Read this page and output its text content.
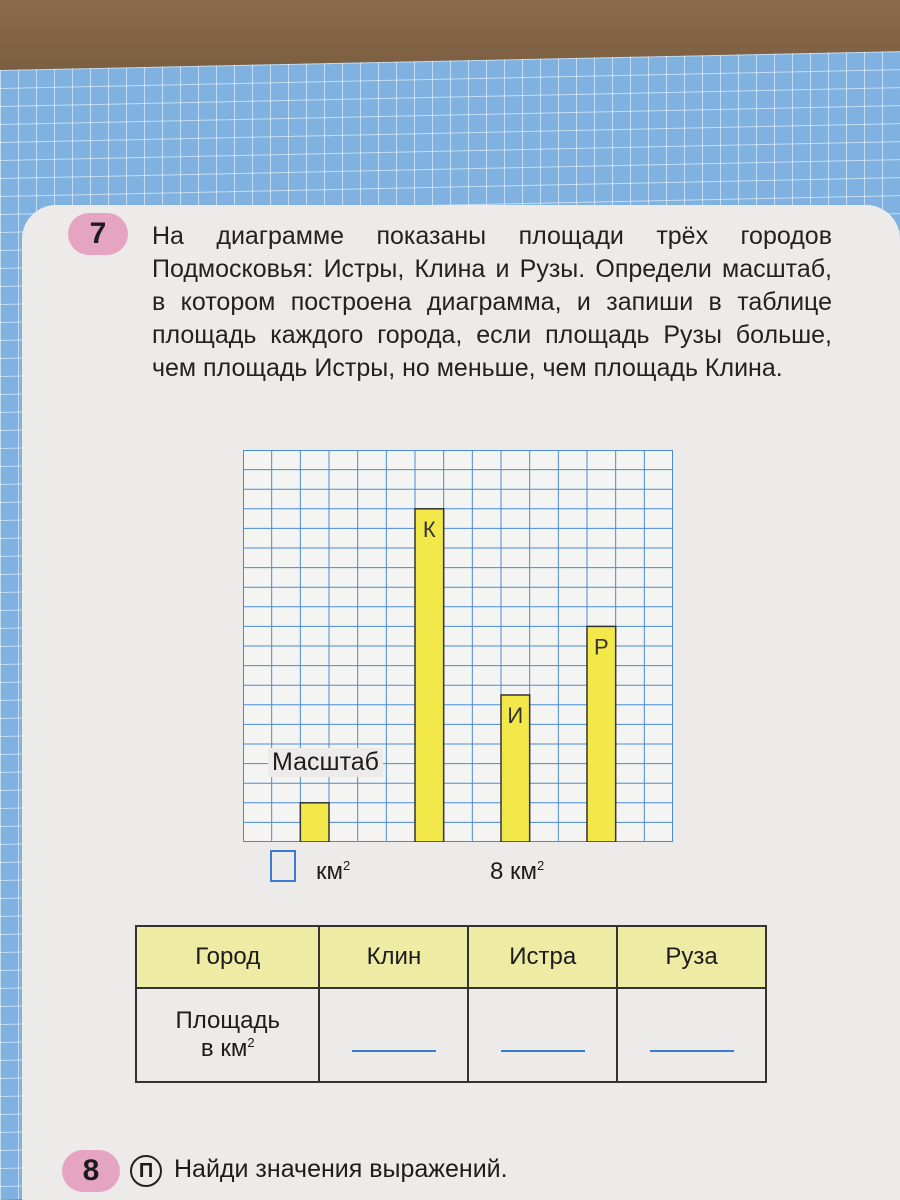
7	На диаграмме показаны площади трёх городов Подмосковья: Истры, Клина и Рузы. Определи масштаб, в котором построена диаграмма, и запиши в таблице площадь каждого города, если площадь Рузы больше, чем площадь Истры, но меньше, чем площадь Клина.
К
И
Р
Масштаб
$км^2$	8 $км^2$
Город	Клин	Истра	Руза

Площадь
в $км^2$

8	П Найди значения выражений.
